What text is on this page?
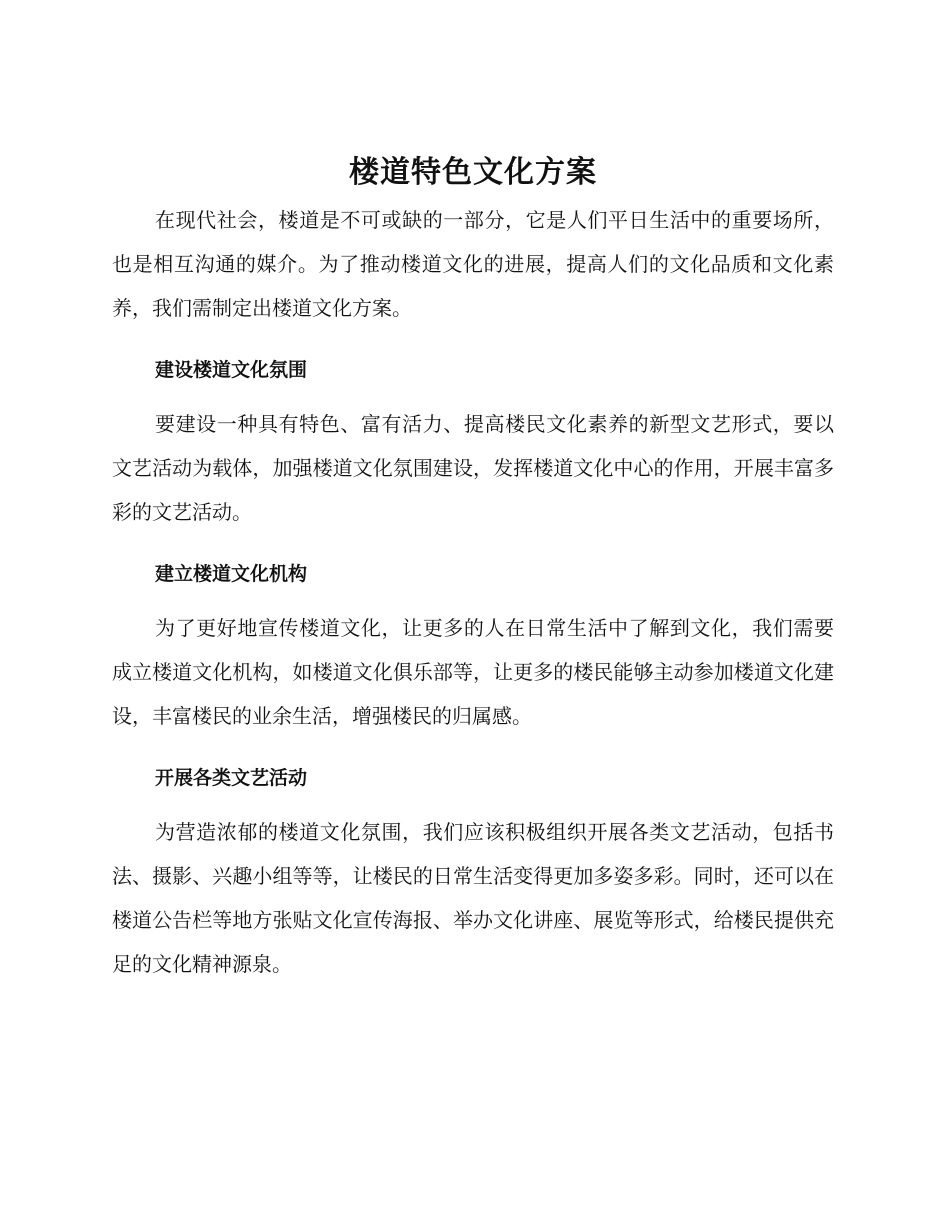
楼道特色文化方案

在现代社会，楼道是不可或缺的一部分，它是人们平日生活中的重要场所，也是相互沟通的媒介。为了推动楼道文化的进展，提高人们的文化品质和文化素养，我们需制定出楼道文化方案。

建设楼道文化氛围

要建设一种具有特色、富有活力、提高楼民文化素养的新型文艺形式，要以文艺活动为载体，加强楼道文化氛围建设，发挥楼道文化中心的作用，开展丰富多彩的文艺活动。

建立楼道文化机构

为了更好地宣传楼道文化，让更多的人在日常生活中了解到文化，我们需要成立楼道文化机构，如楼道文化俱乐部等，让更多的楼民能够主动参加楼道文化建设，丰富楼民的业余生活，增强楼民的归属感。

开展各类文艺活动

为营造浓郁的楼道文化氛围，我们应该积极组织开展各类文艺活动，包括书法、摄影、兴趣小组等等，让楼民的日常生活变得更加多姿多彩。同时，还可以在楼道公告栏等地方张贴文化宣传海报、举办文化讲座、展览等形式，给楼民提供充足的文化精神源泉。
